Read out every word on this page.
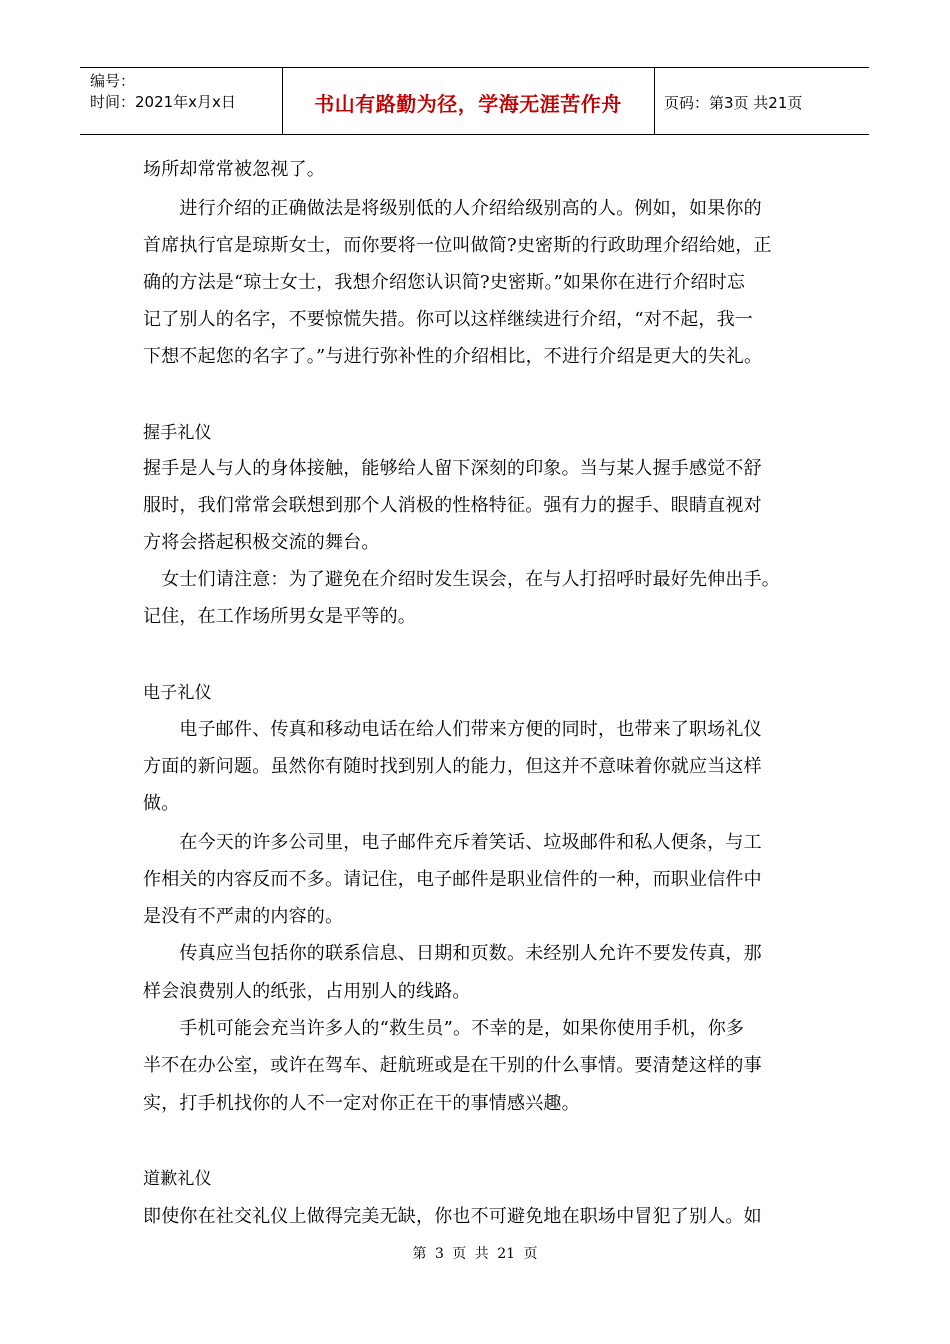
编号：
时间：2021年x月x日	书山有路勤为径，学海无涯苦作舟	页码：第3页 共21页
场所却常常被忽视了。
　　进行介绍的正确做法是将级别低的人介绍给级别高的人。例如，如果你的
首席执行官是琼斯女士，而你要将一位叫做简?史密斯的行政助理介绍给她，正
确的方法是“琼士女士，我想介绍您认识简?史密斯。”如果你在进行介绍时忘
记了别人的名字，不要惊慌失措。你可以这样继续进行介绍，“对不起，我一
下想不起您的名字了。”与进行弥补性的介绍相比，不进行介绍是更大的失礼。
握手礼仪
握手是人与人的身体接触，能够给人留下深刻的印象。当与某人握手感觉不舒
服时，我们常常会联想到那个人消极的性格特征。强有力的握手、眼睛直视对
方将会搭起积极交流的舞台。
　女士们请注意：为了避免在介绍时发生误会，在与人打招呼时最好先伸出手。
记住，在工作场所男女是平等的。
电子礼仪
　　电子邮件、传真和移动电话在给人们带来方便的同时，也带来了职场礼仪
方面的新问题。虽然你有随时找到别人的能力，但这并不意味着你就应当这样
做。
　　在今天的许多公司里，电子邮件充斥着笑话、垃圾邮件和私人便条，与工
作相关的内容反而不多。请记住，电子邮件是职业信件的一种，而职业信件中
是没有不严肃的内容的。
　　传真应当包括你的联系信息、日期和页数。未经别人允许不要发传真，那
样会浪费别人的纸张，占用别人的线路。
　　手机可能会充当许多人的“救生员”。不幸的是，如果你使用手机，你多
半不在办公室，或许在驾车、赶航班或是在干别的什么事情。要清楚这样的事
实，打手机找你的人不一定对你正在干的事情感兴趣。
道歉礼仪
即使你在社交礼仪上做得完美无缺，你也不可避免地在职场中冒犯了别人。如
第 3 页 共 21 页
